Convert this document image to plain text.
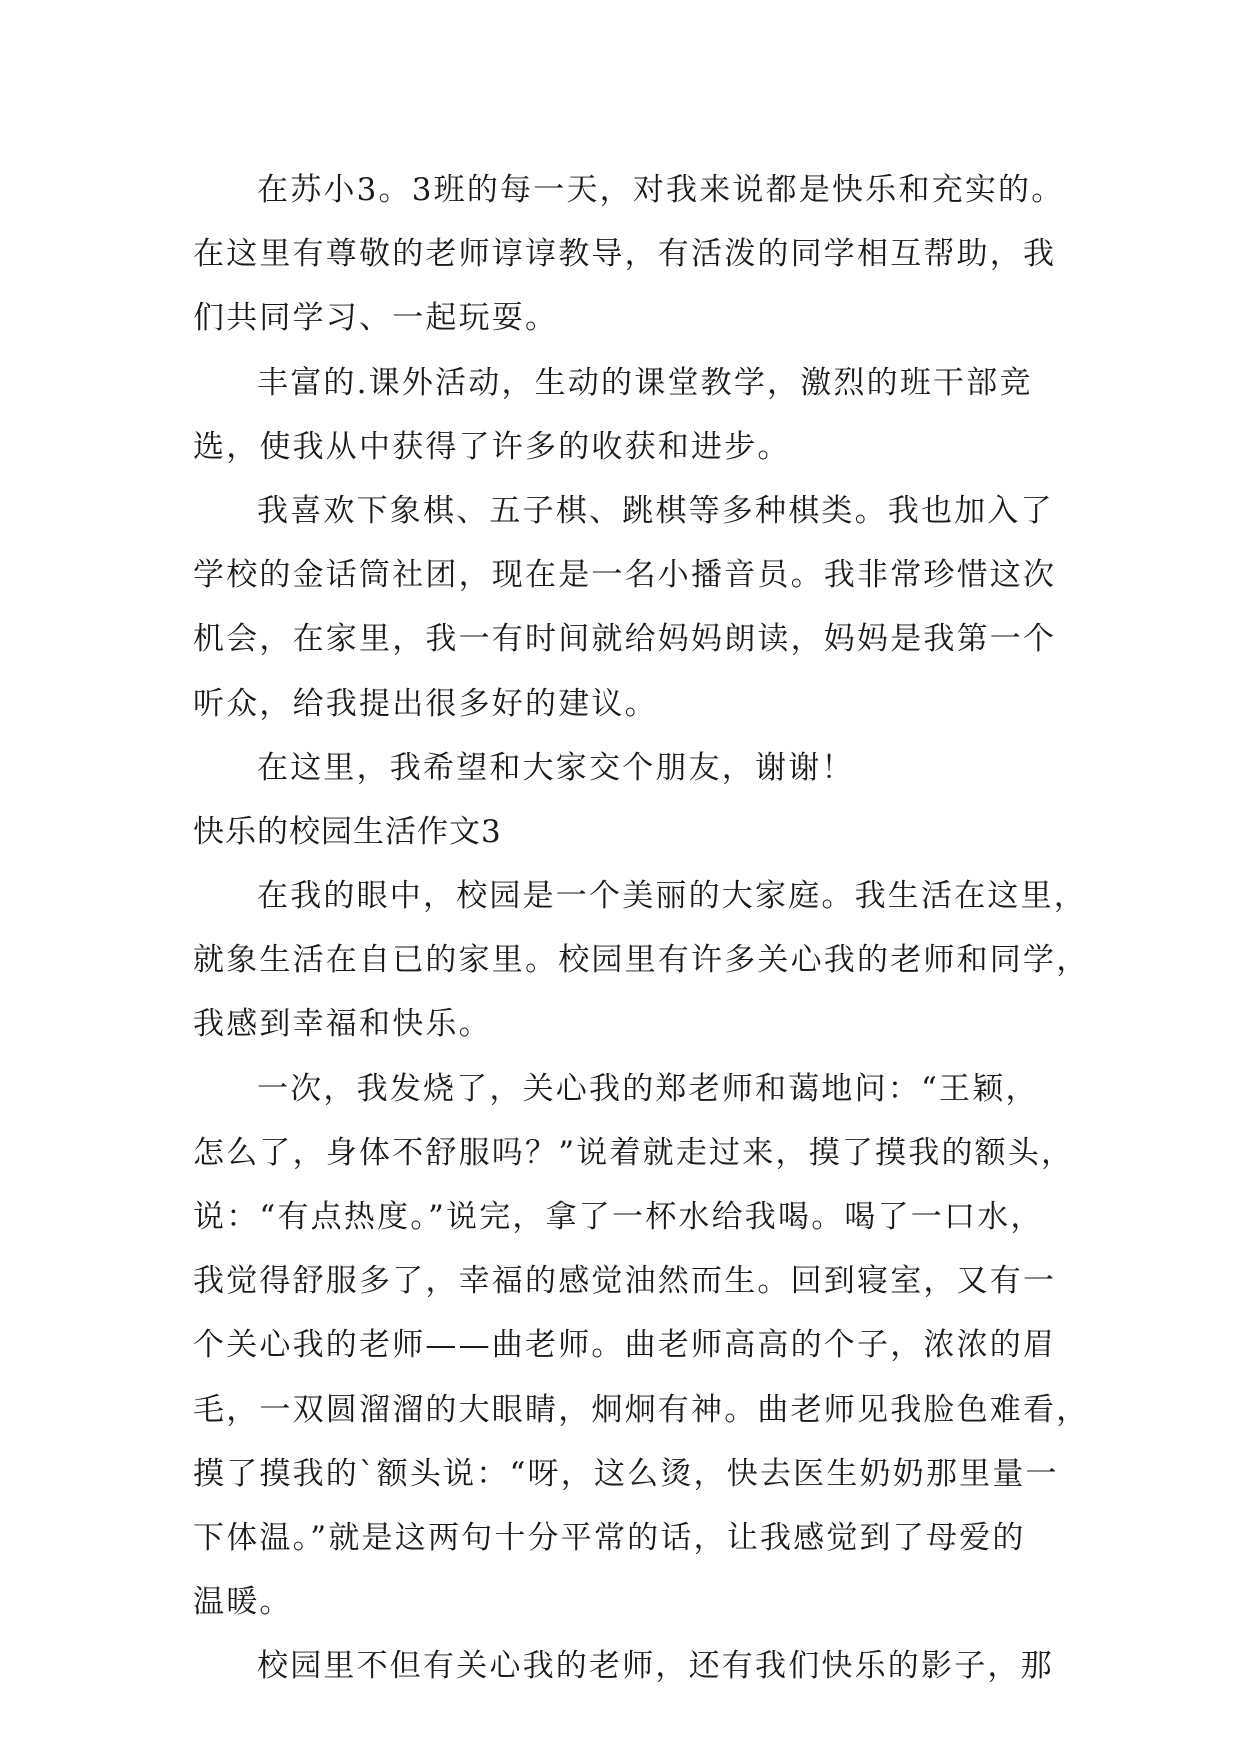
在苏小3。3班的每一天，对我来说都是快乐和充实的。
在这里有尊敬的老师谆谆教导，有活泼的同学相互帮助，我
们共同学习、一起玩耍。
丰富的.课外活动，生动的课堂教学，激烈的班干部竞
选，使我从中获得了许多的收获和进步。
我喜欢下象棋、五子棋、跳棋等多种棋类。我也加入了
学校的金话筒社团，现在是一名小播音员。我非常珍惜这次
机会，在家里，我一有时间就给妈妈朗读，妈妈是我第一个
听众，给我提出很多好的建议。
在这里，我希望和大家交个朋友，谢谢！
快乐的校园生活作文3
在我的眼中，校园是一个美丽的大家庭。我生活在这里，
就象生活在自已的家里。校园里有许多关心我的老师和同学，
我感到幸福和快乐。
一次，我发烧了，关心我的郑老师和蔼地问：“王颖，
怎么了，身体不舒服吗？”说着就走过来，摸了摸我的额头，
说：“有点热度。”说完，拿了一杯水给我喝。喝了一口水，
我觉得舒服多了，幸福的感觉油然而生。回到寝室，又有一
个关心我的老师——曲老师。曲老师高高的个子，浓浓的眉
毛，一双圆溜溜的大眼睛，炯炯有神。曲老师见我脸色难看，
摸了摸我的`额头说：“呀，这么烫，快去医生奶奶那里量一
下体温。”就是这两句十分平常的话，让我感觉到了母爱的
温暖。
校园里不但有关心我的老师，还有我们快乐的影子，那
